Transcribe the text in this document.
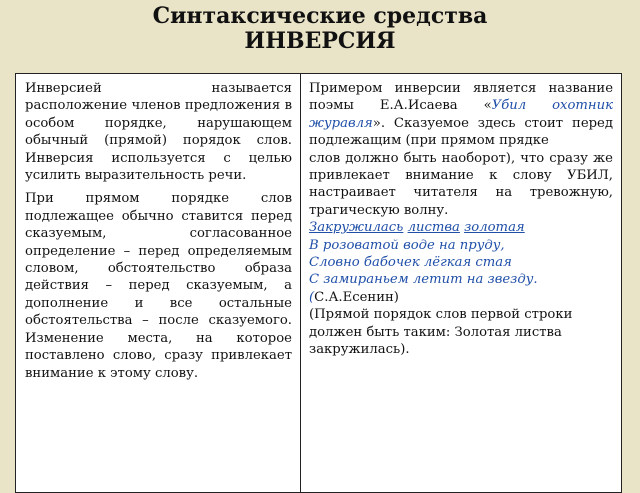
Синтаксические средства
ИНВЕРСИЯ

Инверсией называется расположение членов предложения в особом порядке, нарушающем обычный (прямой) порядок слов. Инверсия используется с целью усилить выразительность речи.

При прямом порядке слов подлежащее обычно ставится перед сказуемым, согласованное определение – перед определяемым словом, обстоятельство образа действия – перед сказуемым, а дополнение и все остальные обстоятельства – после сказуемого. Изменение места, на которое поставлено слово, сразу привлекает внимание к этому слову.

Примером инверсии является название поэмы Е.А.Исаева «Убил охотник журавля». Сказуемое здесь стоит перед подлежащим (при прямом прядке

слов должно быть наоборот), что сразу же привлекает внимание к слову УБИЛ, настраивает читателя на тревожную, трагическую волну.

Закружилась листва золотая
В розоватой воде на пруду,
Словно бабочек лёгкая стая
С замираньем летит на звезду.
(С.А.Есенин)

(Прямой порядок слов первой строки должен быть таким: Золотая листва закружилась).
